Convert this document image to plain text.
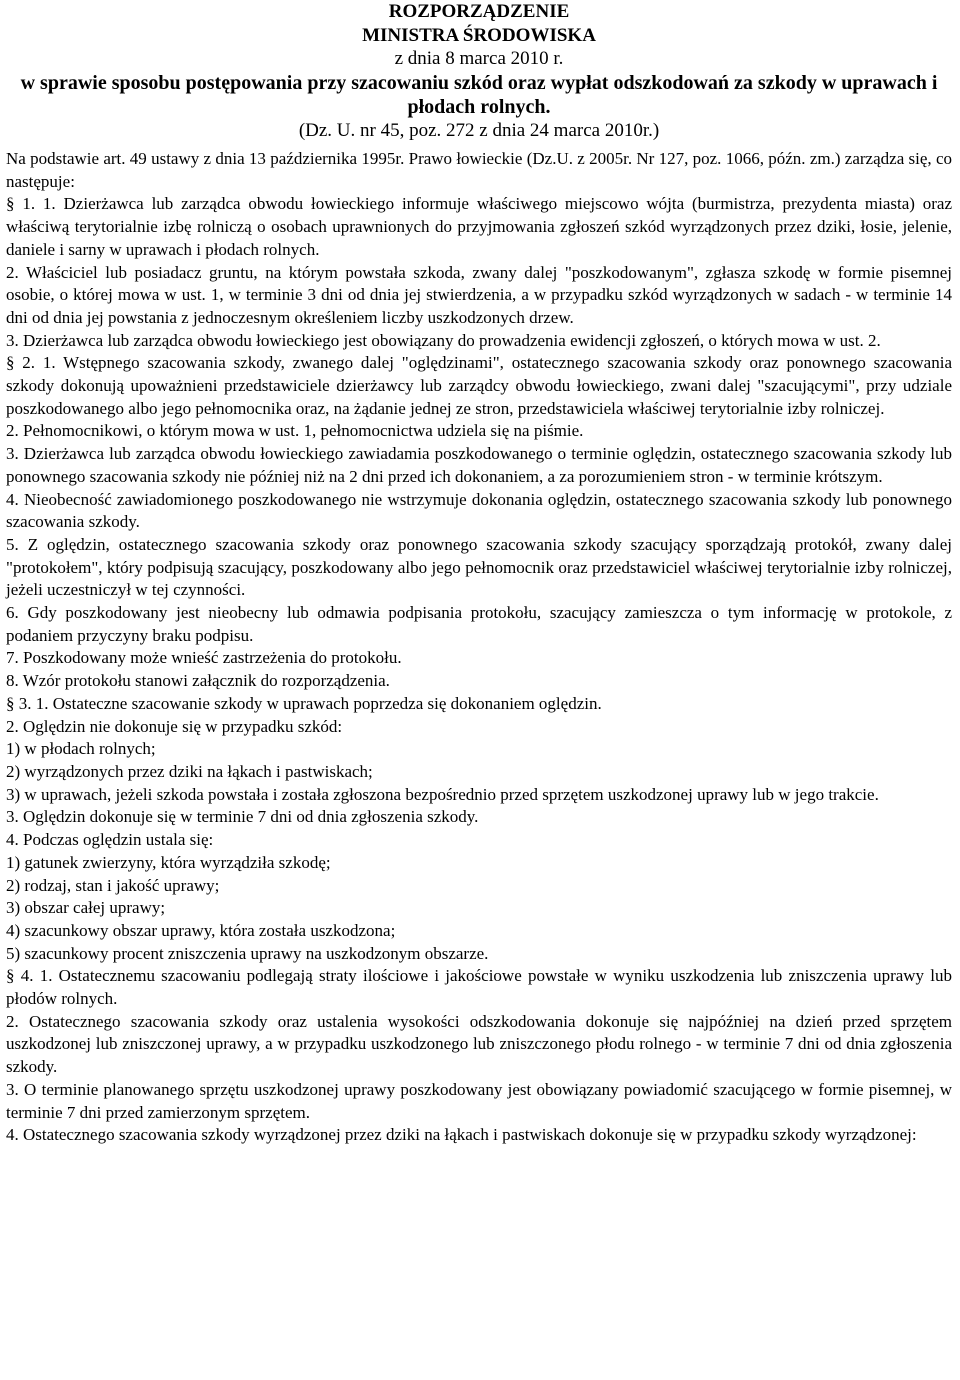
ROZPORZĄDZENIE
MINISTRA ŚRODOWISKA
z dnia 8 marca 2010 r.
w sprawie sposobu postępowania przy szacowaniu szkód oraz wypłat odszkodowań za szkody w uprawach i płodach rolnych.
(Dz. U. nr 45, poz. 272 z dnia 24 marca 2010r.)

Na podstawie art. 49 ustawy z dnia 13 października 1995r. Prawo łowieckie (Dz.U. z 2005r. Nr 127, poz. 1066, późn. zm.) zarządza się, co następuje:

§ 1. 1. Dzierżawca lub zarządca obwodu łowieckiego informuje właściwego miejscowo wójta (burmistrza, prezydenta miasta) oraz właściwą terytorialnie izbę rolniczą o osobach uprawnionych do przyjmowania zgłoszeń szkód wyrządzonych przez dziki, łosie, jelenie, daniele i sarny w uprawach i płodach rolnych.

2. Właściciel lub posiadacz gruntu, na którym powstała szkoda, zwany dalej "poszkodowanym", zgłasza szkodę w formie pisemnej osobie, o której mowa w ust. 1, w terminie 3 dni od dnia jej stwierdzenia, a w przypadku szkód wyrządzonych w sadach - w terminie 14 dni od dnia jej powstania z jednoczesnym określeniem liczby uszkodzonych drzew.

3. Dzierżawca lub zarządca obwodu łowieckiego jest obowiązany do prowadzenia ewidencji zgłoszeń, o których mowa w ust. 2.

§ 2. 1. Wstępnego szacowania szkody, zwanego dalej "oględzinami", ostatecznego szacowania szkody oraz ponownego szacowania szkody dokonują upoważnieni przedstawiciele dzierżawcy lub zarządcy obwodu łowieckiego, zwani dalej "szacującymi", przy udziale poszkodowanego albo jego pełnomocnika oraz, na żądanie jednej ze stron, przedstawiciela właściwej terytorialnie izby rolniczej.

2. Pełnomocnikowi, o którym mowa w ust. 1, pełnomocnictwa udziela się na piśmie.

3. Dzierżawca lub zarządca obwodu łowieckiego zawiadamia poszkodowanego o terminie oględzin, ostatecznego szacowania szkody lub ponownego szacowania szkody nie później niż na 2 dni przed ich dokonaniem, a za porozumieniem stron - w terminie krótszym.

4. Nieobecność zawiadomionego poszkodowanego nie wstrzymuje dokonania oględzin, ostatecznego szacowania szkody lub ponownego szacowania szkody.

5. Z oględzin, ostatecznego szacowania szkody oraz ponownego szacowania szkody szacujący sporządzają protokół, zwany dalej "protokołem", który podpisują szacujący, poszkodowany albo jego pełnomocnik oraz przedstawiciel właściwej terytorialnie izby rolniczej, jeżeli uczestniczył w tej czynności.

6. Gdy poszkodowany jest nieobecny lub odmawia podpisania protokołu, szacujący zamieszcza o tym informację w protokole, z podaniem przyczyny braku podpisu.

7. Poszkodowany może wnieść zastrzeżenia do protokołu.

8. Wzór protokołu stanowi załącznik do rozporządzenia.

§ 3. 1. Ostateczne szacowanie szkody w uprawach poprzedza się dokonaniem oględzin.

2. Oględzin nie dokonuje się w przypadku szkód:

1) w płodach rolnych;

2) wyrządzonych przez dziki na łąkach i pastwiskach;

3) w uprawach, jeżeli szkoda powstała i została zgłoszona bezpośrednio przed sprzętem uszkodzonej uprawy lub w jego trakcie.

3. Oględzin dokonuje się w terminie 7 dni od dnia zgłoszenia szkody.

4. Podczas oględzin ustala się:

1) gatunek zwierzyny, która wyrządziła szkodę;

2) rodzaj, stan i jakość uprawy;

3) obszar całej uprawy;

4) szacunkowy obszar uprawy, która została uszkodzona;

5) szacunkowy procent zniszczenia uprawy na uszkodzonym obszarze.

§ 4. 1. Ostatecznemu szacowaniu podlegają straty ilościowe i jakościowe powstałe w wyniku uszkodzenia lub zniszczenia uprawy lub płodów rolnych.

2. Ostatecznego szacowania szkody oraz ustalenia wysokości odszkodowania dokonuje się najpóźniej na dzień przed sprzętem uszkodzonej lub zniszczonej uprawy, a w przypadku uszkodzonego lub zniszczonego płodu rolnego - w terminie 7 dni od dnia zgłoszenia szkody.

3. O terminie planowanego sprzętu uszkodzonej uprawy poszkodowany jest obowiązany powiadomić szacującego w formie pisemnej, w terminie 7 dni przed zamierzonym sprzętem.

4. Ostatecznego szacowania szkody wyrządzonej przez dziki na łąkach i pastwiskach dokonuje się w przypadku szkody wyrządzonej:
